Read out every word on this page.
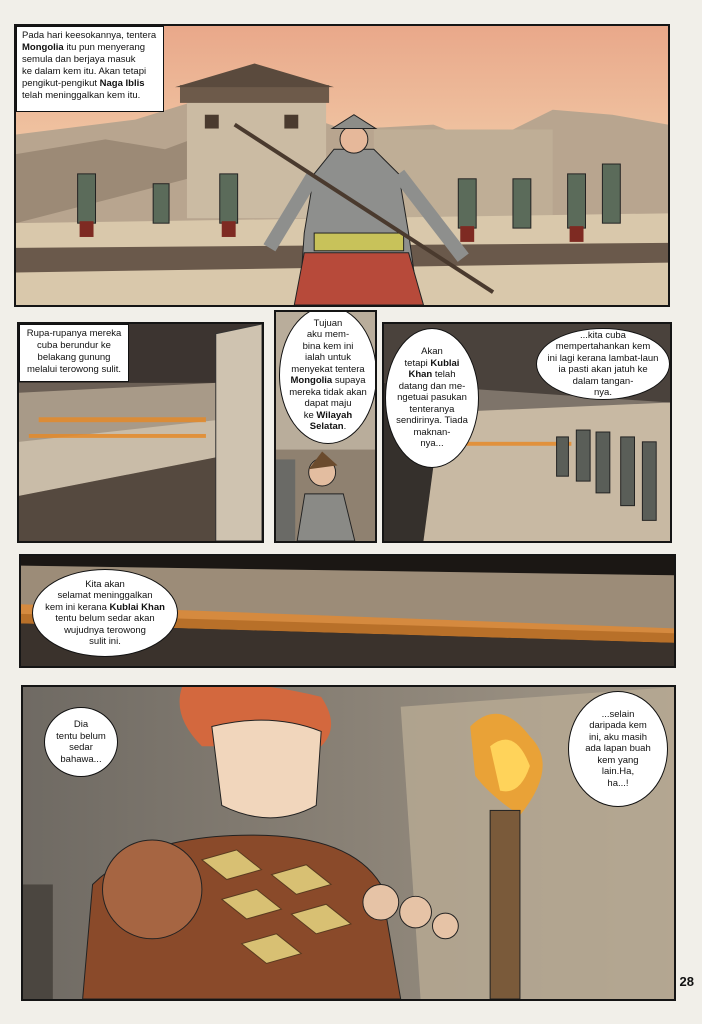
Pada hari keesokannya, tentera
Mongolia itu pun menyerang
semula dan berjaya masuk
ke dalam kem itu. Akan tetapi
pengikut-pengikut Naga Iblis
telah meninggalkan kem itu.

Rupa-rupanya mereka
cuba berundur ke
belakang gunung
melalui terowong sulit.

Tujuan
aku mem-
bina kem ini
ialah untuk
menyekat tentera
Mongolia supaya
mereka tidak akan
dapat maju
ke Wilayah
Selatan.
Akan
tetapi Kublai
Khan telah
datang dan me-
ngetuai pasukan
tenteranya
sendirinya. Tiada
maknan-
nya...
...kita cuba
mempertahankan kem
ini lagi kerana lambat-laun
ia pasti akan jatuh ke
dalam tangan-
nya.
Kita akan
selamat meninggalkan
kem ini kerana Kublai Khan
tentu belum sedar akan
wujudnya terowong
sulit ini.
Dia
tentu belum
sedar
bahawa...
...selain
daripada kem
ini, aku masih
ada lapan buah
kem yang
lain.Ha,
ha...!
28
